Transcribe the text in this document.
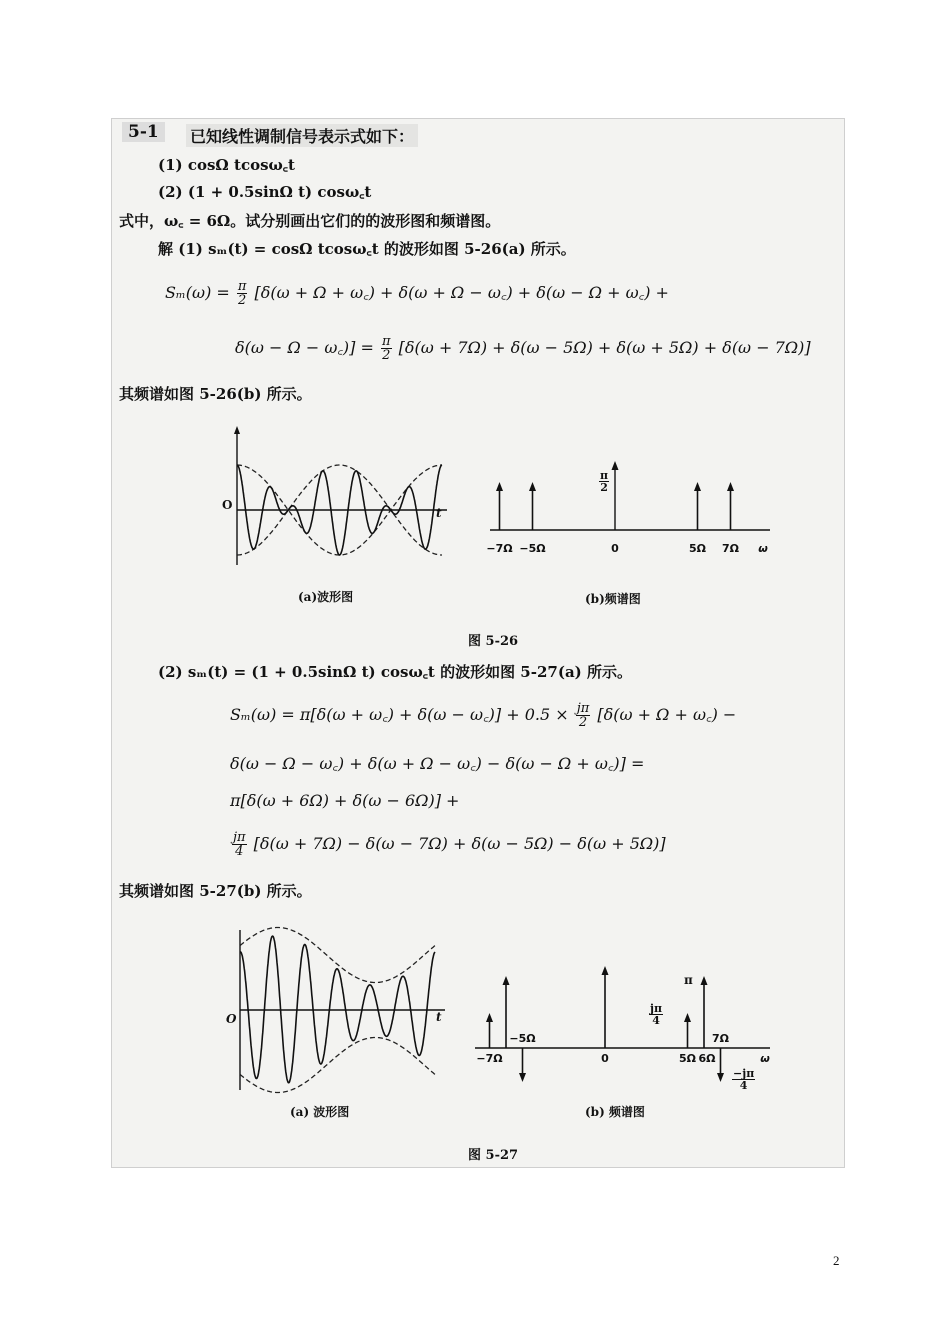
5-1	已知线性调制信号表示式如下：
(1) cosΩ tcosω꜀t
(2) (1 + 0.5sinΩ t) cosω꜀t
式中，ω꜀ = 6Ω。试分别画出它们的的波形图和频谱图。
解 (1) sₘ(t) = cosΩ tcosω꜀t 的波形如图 5-26(a) 所示。
$S_m(\omega) = \frac{\pi}{2} [\delta(\omega + \Omega$ + ω꜀) + δ(ω + Ω − ω꜀) + δ(ω − Ω + ω꜀) +
δ(ω − Ω − ω꜀)] = $\frac{\pi}{2} [\delta(\omega + 7\Omega) + \delta(\omega - 5\Omega) + \delta(\omega + 5\Omega) + \delta(\omega - 7\Omega)]$
其频谱如图 5-26(b) 所示。
O
t
−7Ω −5Ω	0	5Ω 7Ω ω
$\frac{\pi}{2}$
(a)波形图	(b)频谱图
图 5-26
(2) sₘ(t) = (1 + 0.5sinΩ t) cosω꜀t 的波形如图 5-27(a) 所示。
Sₘ(ω) = π[δ(ω + ω꜀) + δ(ω − ω꜀)] + $0.5 \times \frac{j\pi}{2} [\delta(\omega + \Omega$ + ω꜀) −
δ(ω − Ω − ω꜀) + δ(ω + Ω − ω꜀) − δ(ω − Ω + ω꜀)] =
π[δ(ω + 6Ω) + δ(ω − 6Ω)] +
$\frac{j\pi}{4} [\delta(\omega + 7\Omega) - \delta(\omega - 7\Omega) + \delta(\omega - 5\Omega) - \delta(\omega + 5\Omega)]$
其频谱如图 5-27(b) 所示。
O	t
−7Ω
−5Ω
0	5Ω 6Ω
7Ω
ω
π
$\frac{j\pi}{4}$
$\frac{-j\pi}{4}$
(a) 波形图	(b) 频谱图
图 5-27
2
